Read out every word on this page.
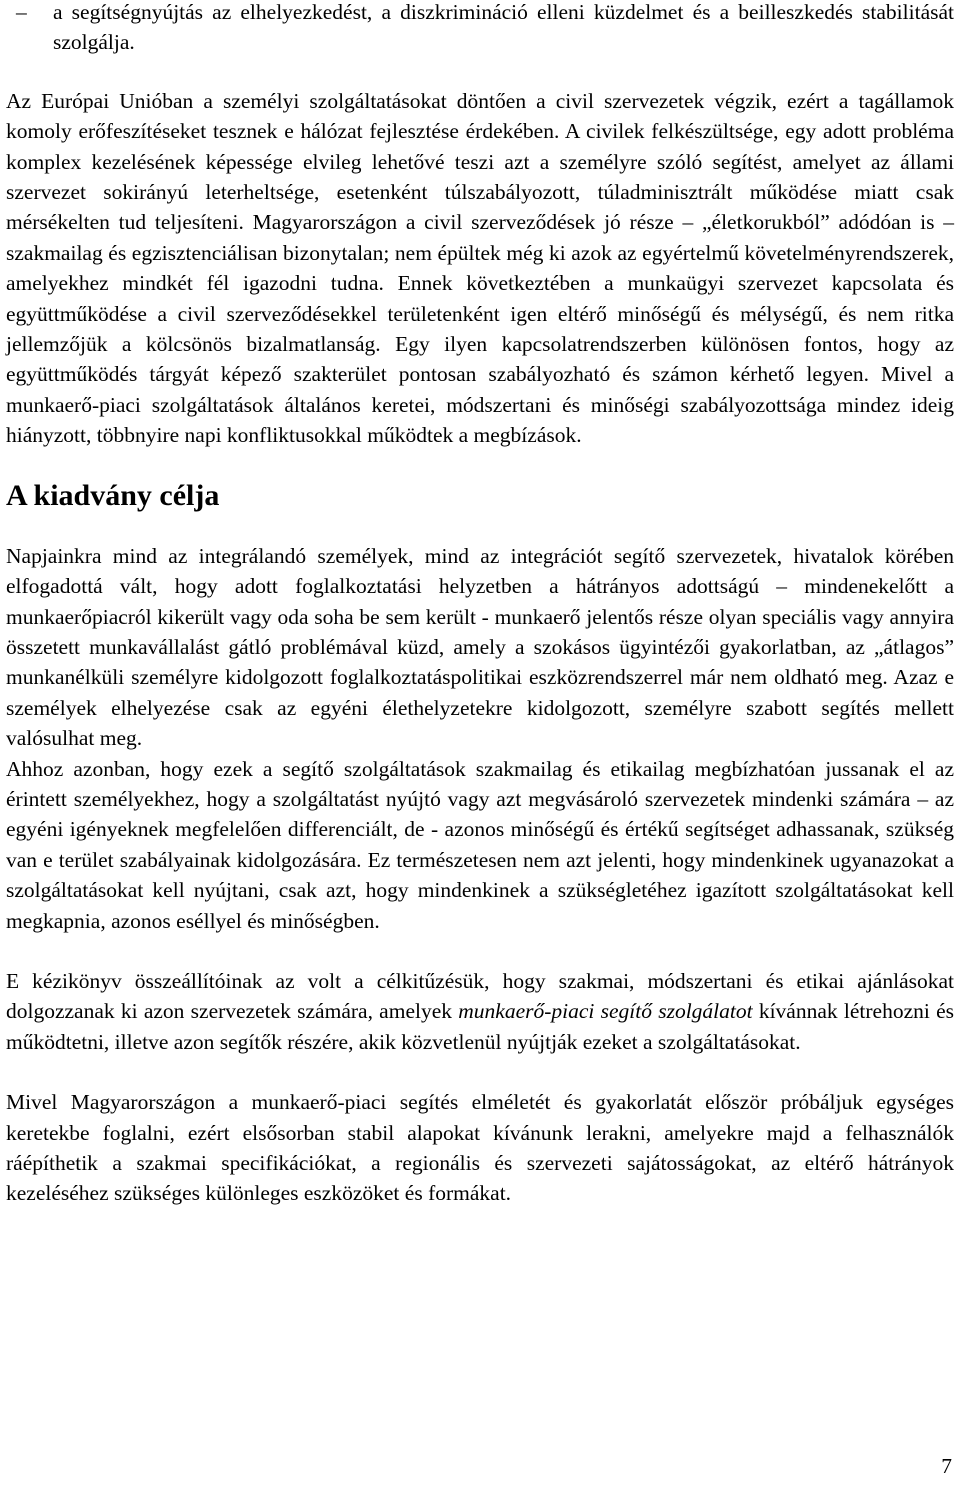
– a segítségnyújtás az elhelyezkedést, a diszkrimináció elleni küzdelmet és a beilleszkedés stabilitását szolgálja.

Az Európai Unióban a személyi szolgáltatásokat döntően a civil szervezetek végzik, ezért a tagállamok komoly erőfeszítéseket tesznek e hálózat fejlesztése érdekében. A civilek felkészültsége, egy adott probléma komplex kezelésének képessége elvileg lehetővé teszi azt a személyre szóló segítést, amelyet az állami szervezet sokirányú leterheltsége, esetenként túlszabályozott, túladminisztrált működése miatt csak mérsékelten tud teljesíteni. Magyarországon a civil szerveződések jó része – „életkorukból” adódóan is – szakmailag és egzisztenciálisan bizonytalan; nem épültek még ki azok az egyértelmű követelményrendszerek, amelyekhez mindkét fél igazodni tudna. Ennek következtében a munkaügyi szervezet kapcsolata és együttműködése a civil szerveződésekkel területenként igen eltérő minőségű és mélységű, és nem ritka jellemzőjük a kölcsönös bizalmatlanság. Egy ilyen kapcsolatrendszerben különösen fontos, hogy az együttműködés tárgyát képező szakterület pontosan szabályozható és számon kérhető legyen. Mivel a munkaerő-piaci szolgáltatások általános keretei, módszertani és minőségi szabályozottsága mindez ideig hiányzott, többnyire napi konfliktusokkal működtek a megbízások.

A kiadvány célja

Napjainkra mind az integrálandó személyek, mind az integrációt segítő szervezetek, hivatalok körében elfogadottá vált, hogy adott foglalkoztatási helyzetben a hátrányos adottságú – mindenekelőtt a munkaerőpiacról kikerült vagy oda soha be sem került - munkaerő jelentős része olyan speciális vagy annyira összetett munkavállalást gátló problémával küzd, amely a szokásos ügyintézői gyakorlatban, az „átlagos” munkanélküli személyre kidolgozott foglalkoztatáspolitikai eszközrendszerrel már nem oldható meg. Azaz e személyek elhelyezése csak az egyéni élethelyzetekre kidolgozott, személyre szabott segítés mellett valósulhat meg.

Ahhoz azonban, hogy ezek a segítő szolgáltatások szakmailag és etikailag megbízhatóan jussanak el az érintett személyekhez, hogy a szolgáltatást nyújtó vagy azt megvásároló szervezetek mindenki számára – az egyéni igényeknek megfelelően differenciált, de - azonos minőségű és értékű segítséget adhassanak, szükség van e terület szabályainak kidolgozására. Ez természetesen nem azt jelenti, hogy mindenkinek ugyanazokat a szolgáltatásokat kell nyújtani, csak azt, hogy mindenkinek a szükségletéhez igazított szolgáltatásokat kell megkapnia, azonos eséllyel és minőségben.

E kézikönyv összeállítóinak az volt a célkitűzésük, hogy szakmai, módszertani és etikai ajánlásokat dolgozzanak ki azon szervezetek számára, amelyek munkaerő-piaci segítő szolgálatot kívánnak létrehozni és működtetni, illetve azon segítők részére, akik közvetlenül nyújtják ezeket a szolgáltatásokat.

Mivel Magyarországon a munkaerő-piaci segítés elméletét és gyakorlatát először próbáljuk egységes keretekbe foglalni, ezért elsősorban stabil alapokat kívánunk lerakni, amelyekre majd a felhasználók ráépíthetik a szakmai specifikációkat, a regionális és szervezeti sajátosságokat, az eltérő hátrányok kezeléséhez szükséges különleges eszközöket és formákat.

7
